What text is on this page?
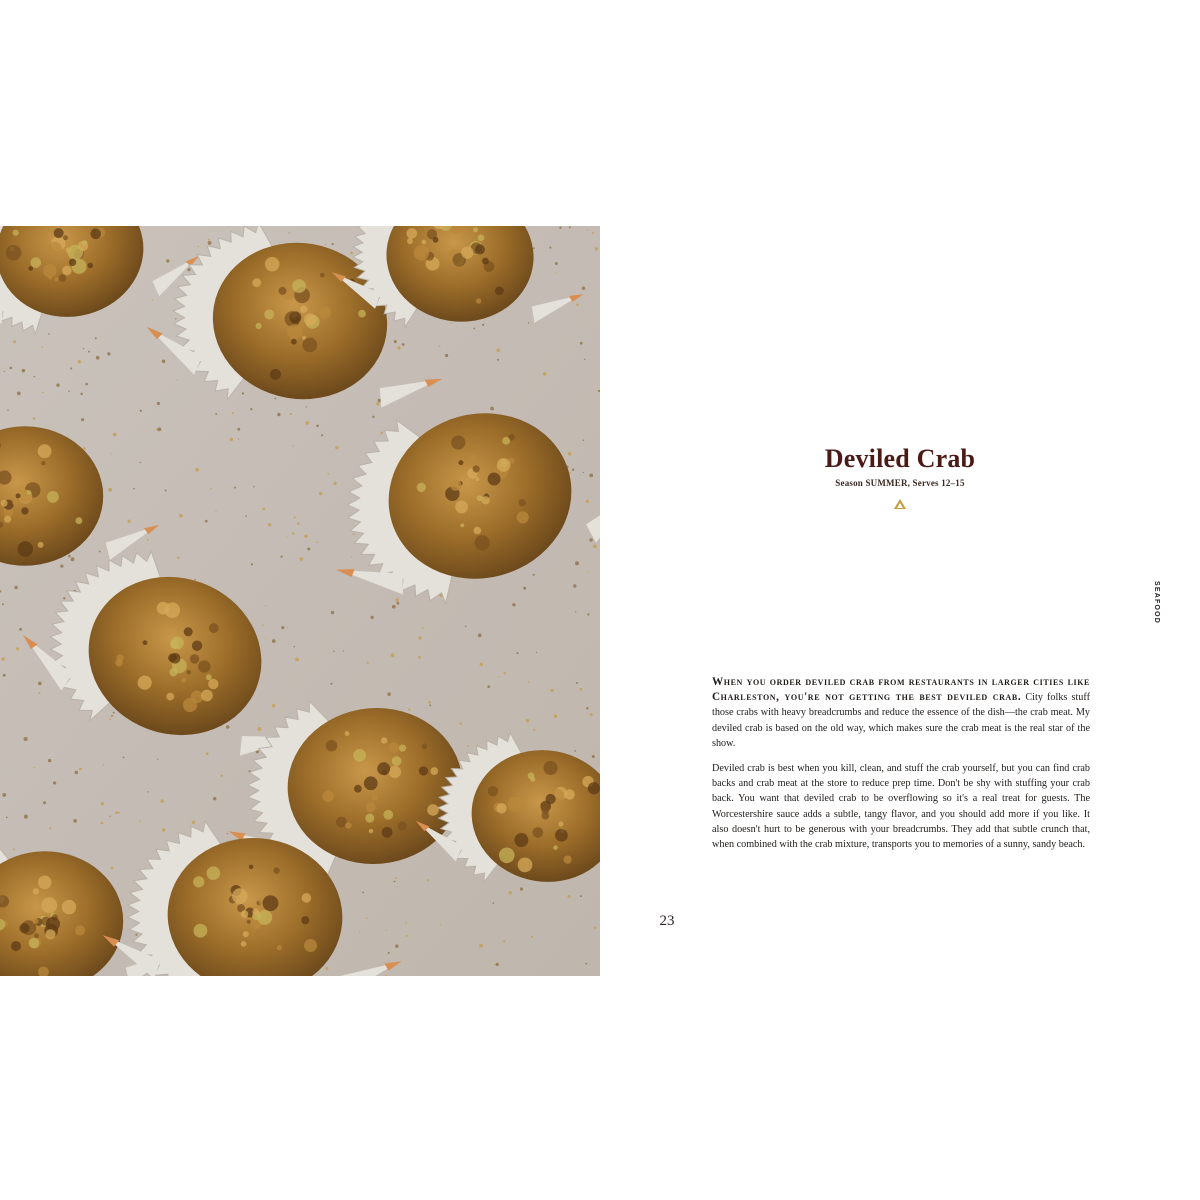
Deviled Crab
Season SUMMER, Serves 12–15
SEAFOOD

When you order deviled crab from restaurants in larger cities like Charleston, you're not getting the best deviled crab. City folks stuff those crabs with heavy breadcrumbs and reduce the essence of the dish—the crab meat. My deviled crab is based on the old way, which makes sure the crab meat is the real star of the show.

Deviled crab is best when you kill, clean, and stuff the crab yourself, but you can find crab backs and crab meat at the store to reduce prep time. Don't be shy with stuffing your crab back. You want that deviled crab to be overflowing so it's a real treat for guests. The Worcestershire sauce adds a subtle, tangy flavor, and you should add more if you like. It also doesn't hurt to be generous with your breadcrumbs. They add that subtle crunch that, when combined with the crab mixture, transports you to memories of a sunny, sandy beach.

23
